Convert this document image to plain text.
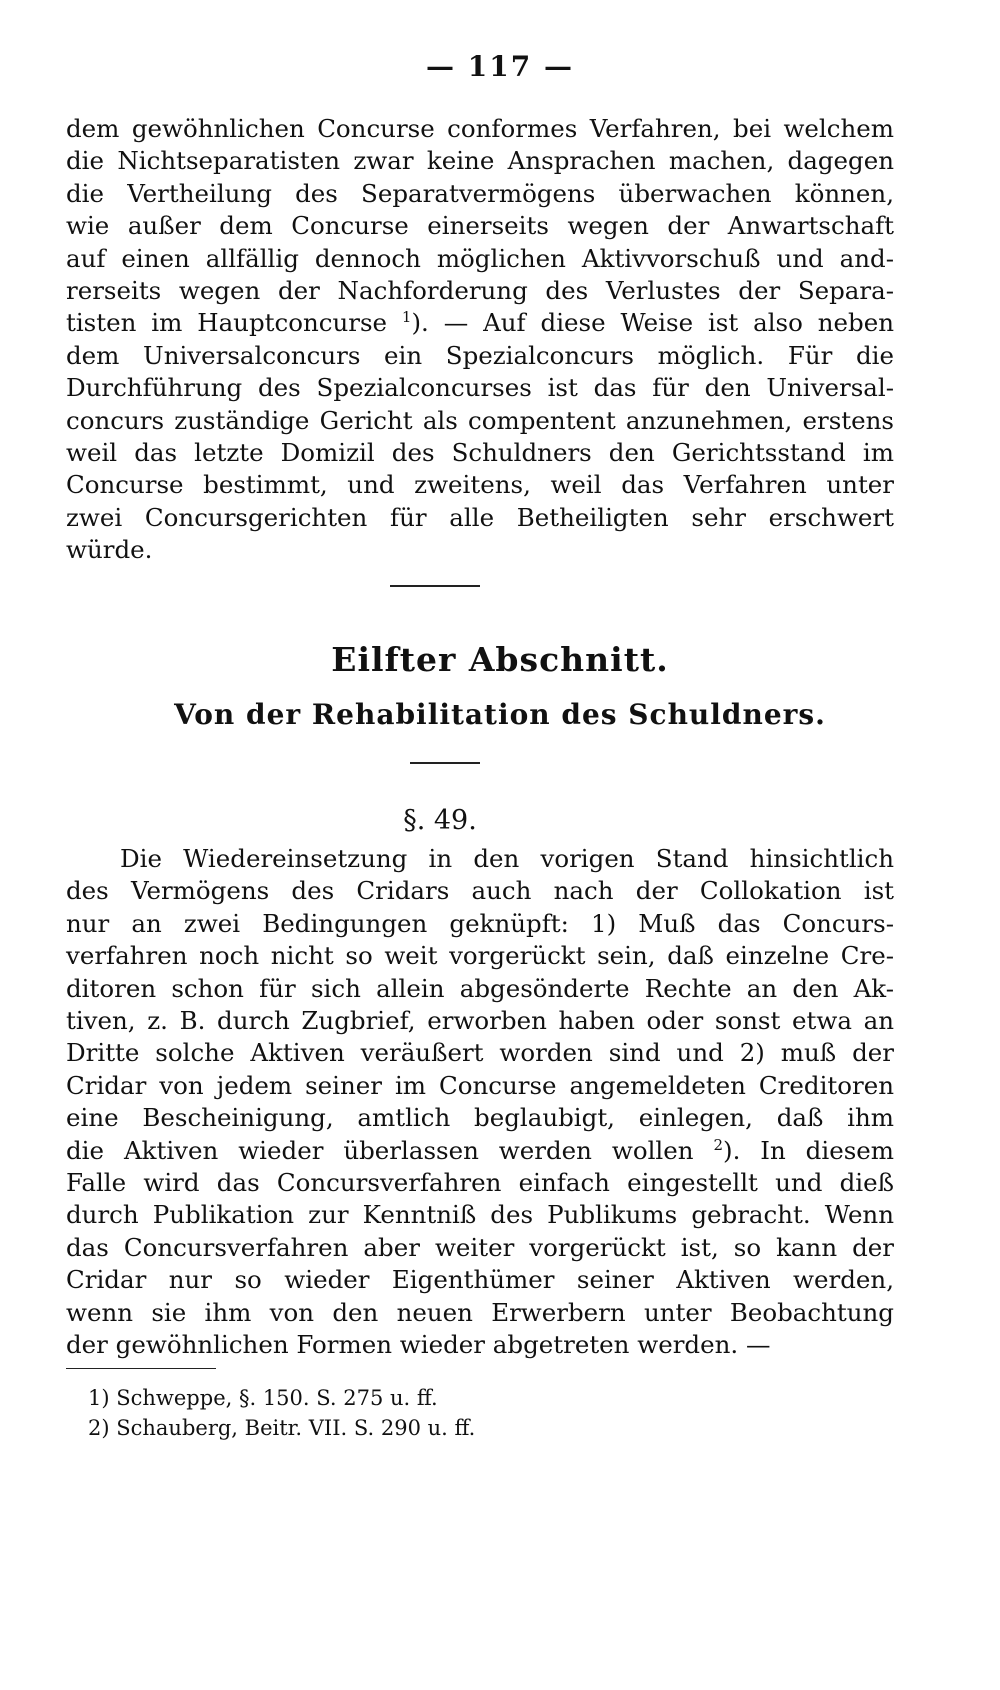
— 117 —
dem gewöhnlichen Concurse conformes Verfahren, bei welchem
die Nichtseparatisten zwar keine Ansprachen machen, dagegen
die Vertheilung des Separatvermögens überwachen können,
wie außer dem Concurse einerseits wegen der Anwartschaft
auf einen allfällig dennoch möglichen Aktivvorschuß und and-
rerseits wegen der Nachforderung des Verlustes der Separa-
tisten im Hauptconcurse $^1$). — Auf diese Weise ist also neben
dem Universalconcurs ein Spezialconcurs möglich. Für die
Durchführung des Spezialconcurses ist das für den Universal-
concurs zuständige Gericht als compentent anzunehmen, erstens
weil das letzte Domizil des Schuldners den Gerichtsstand im
Concurse bestimmt, und zweitens, weil das Verfahren unter
zwei Concursgerichten für alle Betheiligten sehr erschwert
würde.
Eilfter Abschnitt.
Von der Rehabilitation des Schuldners.
§. 49.
Die Wiedereinsetzung in den vorigen Stand hinsichtlich
des Vermögens des Cridars auch nach der Collokation ist
nur an zwei Bedingungen geknüpft: 1) Muß das Concurs-
verfahren noch nicht so weit vorgerückt sein, daß einzelne Cre-
ditoren schon für sich allein abgesönderte Rechte an den Ak-
tiven, z. B. durch Zugbrief, erworben haben oder sonst etwa an
Dritte solche Aktiven veräußert worden sind und 2) muß der
Cridar von jedem seiner im Concurse angemeldeten Creditoren
eine Bescheinigung, amtlich beglaubigt, einlegen, daß ihm
die Aktiven wieder überlassen werden wollen $^2$). In diesem
Falle wird das Concursverfahren einfach eingestellt und dieß
durch Publikation zur Kenntniß des Publikums gebracht. Wenn
das Concursverfahren aber weiter vorgerückt ist, so kann der
Cridar nur so wieder Eigenthümer seiner Aktiven werden,
wenn sie ihm von den neuen Erwerbern unter Beobachtung
der gewöhnlichen Formen wieder abgetreten werden. —
1) Schweppe, §. 150. S. 275 u. ff.
2) Schauberg, Beitr. VII. S. 290 u. ff.
